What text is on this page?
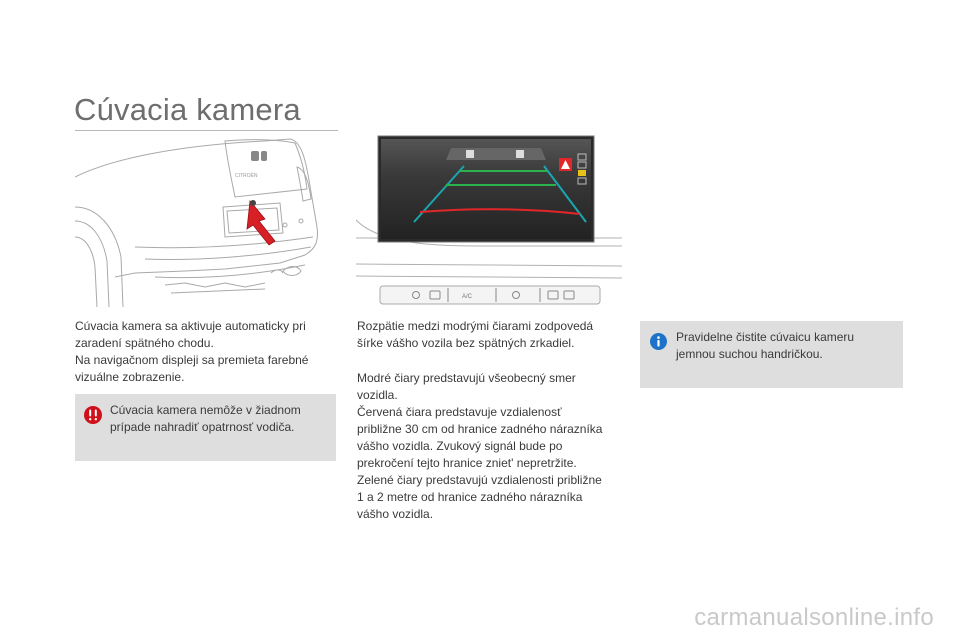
Cúvacia kamera
CITROËN
A/C

Cúvacia kamera sa aktivuje automaticky pri

zaradení spätného chodu.

Na navigačnom displeji sa premieta farebné

vizuálne zobrazenie.

Cúvacia kamera nemôže v žiadnom
prípade nahradiť opatrnosť vodiča.

Rozpätie medzi modrými čiarami zodpovedá

šírke vášho vozila bez spätných zrkadiel.

Modré čiary predstavujú všeobecný smer

vozidla.

Červená čiara predstavuje vzdialenosť

približne 30 cm od hranice zadného nárazníka

vášho vozidla. Zvukový signál bude po

prekročení tejto hranice zniet' nepretržite.

Zelené čiary predstavujú vzdialenosti približne

1 a 2 metre od hranice zadného nárazníka

vášho vozidla.

Pravidelne čistite cúvaicu kameru
jemnou suchou handričkou.
carmanualsonline.info
